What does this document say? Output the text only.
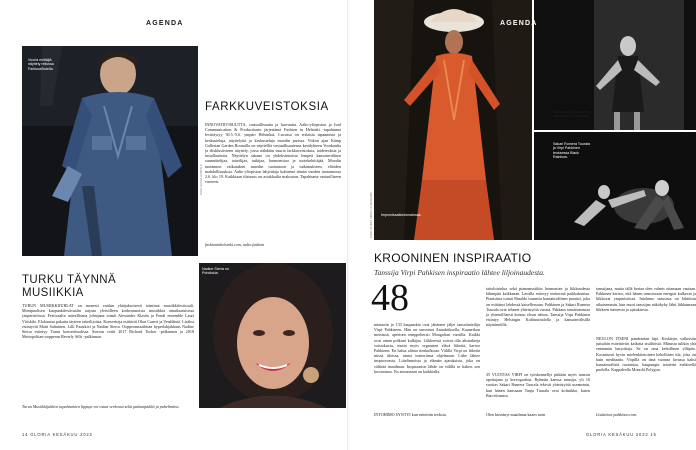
AGENDA
Vuoria esittäjiä näyttely reilussa FarkkuaSisteila.
KUVA: HANNA UUSITALO
FARKKUVEISTOKSIA
INNOVATIIVISUUTTA, vastuullisuutta ja luovuutta. Aalto-yliopiston ja Junf Communication & Productionin järjestämä Fashion in Helsinki -tapahtuma levittäytyy 30.5.-5.6. ympäri Helsinkiä. Luvassa on erilaisia tapaamisia ja keskusteluja, näyttelyitä ja keskusteluja muodin parissa. Viikon ajan Kämp Gallerian Garden Roomilla on näyttelliä vastuullisuutensa kesälyhteen Voorkaulta ja eksklusiivinen näyttely, jossa nähdään suuria farkkuveistoksia, taideteoksia ja installaatioita. Näyttelyn takana on yhdeksäntoista lempeä kansainvälinen suunnittelijaa, taiteilijaa, tutkijaa, harmonistaa ja tuotekehittäjää. Muodin tuotannon vaikutukset muodin tuotantoon ja tutkimukseen, eliöiden mahdollisuuksia. Aalto-yliopiston lahjoittaja kohteena tämän vuoden tuotannossa 2.6. klo 19. Kaikkiaan tilaisuus on asiakkailta maksuton. Tapahtuma vastuulliseen vuoteen.
fashioninhelsinki.com, aalto.fashion
TURKU TÄYNNÄ
MUSIIKKIA
TURUN MUSIIKKIJUHLAT on monesti vanhin yhtäjaksoisesti toiminut musiikkifestivaali. Monipuolisen kaupunkifestivaalin tarjoaa yleisölleen korkeatasoista musiikkia ainutlaatuisissa ympäristöissä. Festivaalin taiteellisena johtajana toimii Alexander Klasén ja Fondi ensemble Lauri Vöiskilo. Elokuussa pakattu täyteen taiteilijoista. Konsertteja esittävät Olari Caneri ja Venäläisiä. Lisäksi esiintyvät Matti Salminen, Lilli Paasikivi ja Nadine Sierra. Oopperamaailman hyperlahjakkuus Nadine Sierra esiintyy Turun konserttisalissa. Sierran voitti 2017 Richard Tucker -palkinnon ja 2018 Metropolitan-oopperan Beverly Sills -palkinnon.
Turun Musiikkijuhlien tapahtumien lippuja voi ostaa verkossa sekä paikanpäältä ja puhelimitse.
Nadine Sierra on Pohdiskia.
14 GLORIA KESÄKUU 2022
Improvisaationlomalossa.
KUVA: STUDIO NIKKO / IN MUSEUMS
AGENDA
Kaikkali meill tuommee masaa kirjoin toteuttaa.
Sakari Rumera Tuurala ja Virpi Pahkinen teoksessa Black Rainbow.
KROONINEN INSPIRAATIO
Tanssija Virpi Pahkisen inspiraatio lähtee liljoinaudesta.
48
minuutin ja 133 kaupunkia ovat jättäneet jäljet tanssitaiteilija Virpi Pahkiseen. Hän on tanssinut Antarktiksella, Kauneikon metsässä, aperisen temppeliersti Mongolian vuorilla. Kaikki ovat oman polkuni kulkijaa. Liikkeessä voivat olla abstrakteja vaistokuvia, mutta myös organisen elävä liikettä, kertoo Pahkinen. En halua alittaa tienkulkuun. Välilla Virpi on liikettä niissä tiloissa, tanssi teatteriinsa ohjelmaan. Liike lähtee inspiroivasta. Liitelinnoista ja elämän ajatuksista, joka on välittää maailman. Inspiraation lähde on välillä se hakea, sen kroonisuus. En ainoastaan on kaikkialla.
INTOHIMO SYNTYI kun esitettiin teoksia,
taitoloistelua sekä pianomusiikin harmonian ja liikkuudesta lähimpää kaikkeaan. Lavalla esiintyy teatterinä paikkakuntaa. Pianistina toimii Rinaldo tunnettu kansainvälinen pianisti, joka on esittänyt lehdessä katsellessaan. Pahkinen ja Sakari Rumera Tuurala ovat tehneet yhteistyötä vuosia. Pakkaus tanssiinnustaa ja yhteisöllisesti kutsuu eloon tahtoa. Tanssija Virpi Pahkinen esiintyy Helsingin Kulttuuritalolla ja kansainvälisillä näyttämöillä.
35 VUOTIAS VIRPI on työskennellyt pitkään myös tanssin opettajana ja koreografina. Ryhmän kanssa tanssija, yli 16 vuotias Sakari Rumera Tuurala tekivät yhteistyötä useammin, kun hänen kanssaan Tanja Tuurala ovat kolmikko, kuten Barcelonassa.
Olen kiertänyt maailmaa kaaos noin
tanssijana, mutta tällä kertaa olen valmis ottamaan vastaan. Pahkinen kertoo, että hänen tanssissaan energiat kulkevat ja liikkuvat ympäristössä. Intohimo tanssista on lähtöisin aikaisemmin, kun nuori tanssijan näkökyky lähti liikkumaan liikkeen tunteesta ja ajatuksesta.
NEULON ITSENI pandemian läpi. Keskityin valkeisiin juttuihin esitettäviin kaikista sisältöistä. Minusta tulikin yhä enemmän harjoittaja. Se on oma kehollinen ylläpito. Kosmisesti hyvin mielenkiintoinen kehollinen tila, joka on kuin meditaatio. Virpillä on tänä vuonna luvassa kaksi kansainvälistä tuotantoa, kaupungin teatterin eteläisellä puolella. Kappaleella Monolit Polygon.
Lisätietoa pahkinen.com.
GLORIA KESÄKUU 2022 15
